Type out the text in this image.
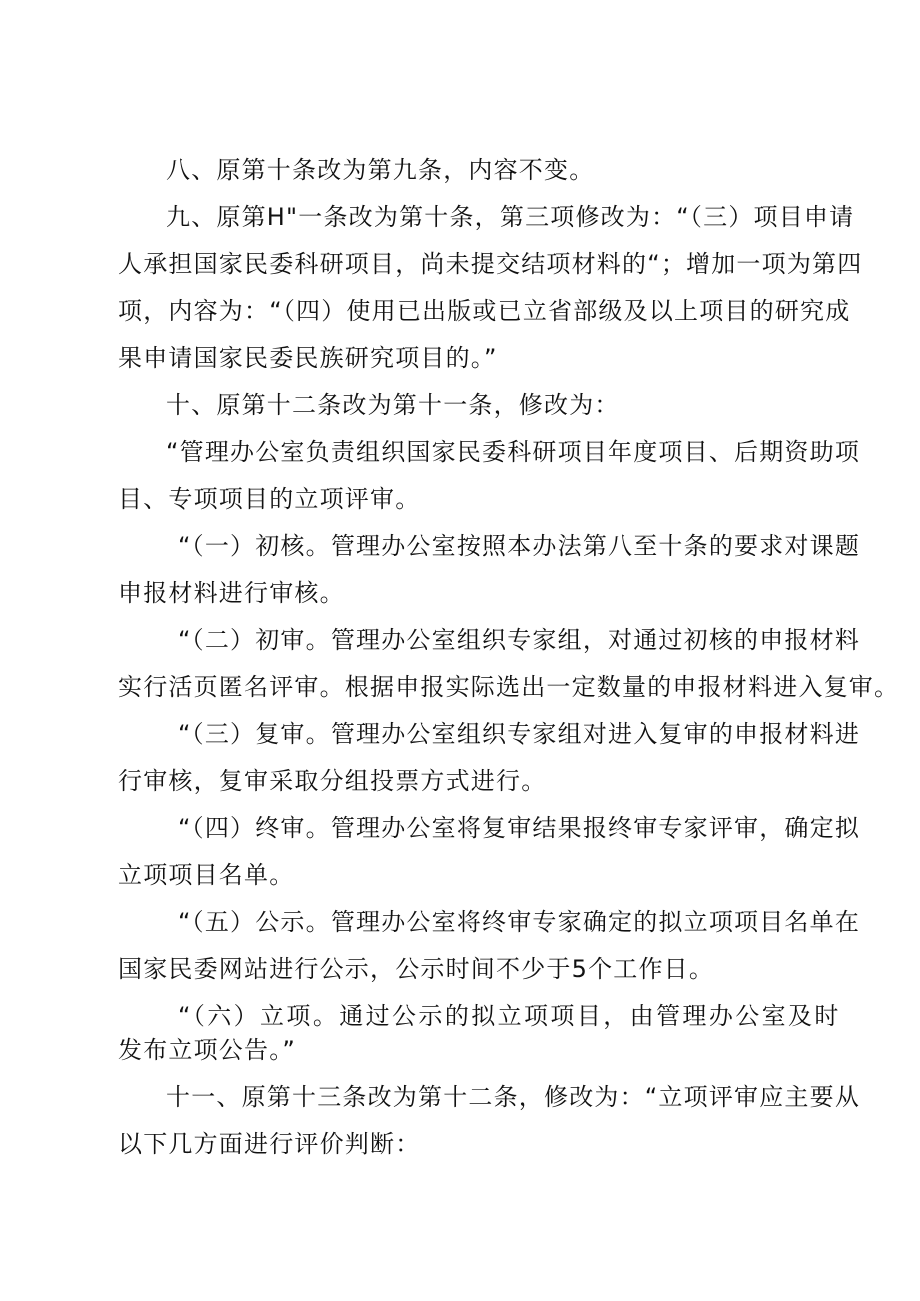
八、原第十条改为第九条，内容不变。
九、原第H"一条改为第十条，第三项修改为：“（三）项目申请
人承担国家民委科研项目，尚未提交结项材料的“；增加一项为第四
项，内容为：“（四）使用已出版或已立省部级及以上项目的研究成
果申请国家民委民族研究项目的。”
十、原第十二条改为第十一条，修改为：
“管理办公室负责组织国家民委科研项目年度项目、后期资助项
目、专项项目的立项评审。
“（一）初核。管理办公室按照本办法第八至十条的要求对课题
申报材料进行审核。
“（二）初审。管理办公室组织专家组，对通过初核的申报材料
实行活页匿名评审。根据申报实际选出一定数量的申报材料进入复审。
“（三）复审。管理办公室组织专家组对进入复审的申报材料进
行审核，复审采取分组投票方式进行。
“（四）终审。管理办公室将复审结果报终审专家评审，确定拟
立项项目名单。
“（五）公示。管理办公室将终审专家确定的拟立项项目名单在
国家民委网站进行公示，公示时间不少于5个工作日。
“（六）立项。通过公示的拟立项项目，由管理办公室及时
发布立项公告。”
十一、原第十三条改为第十二条，修改为：“立项评审应主要从
以下几方面进行评价判断：
